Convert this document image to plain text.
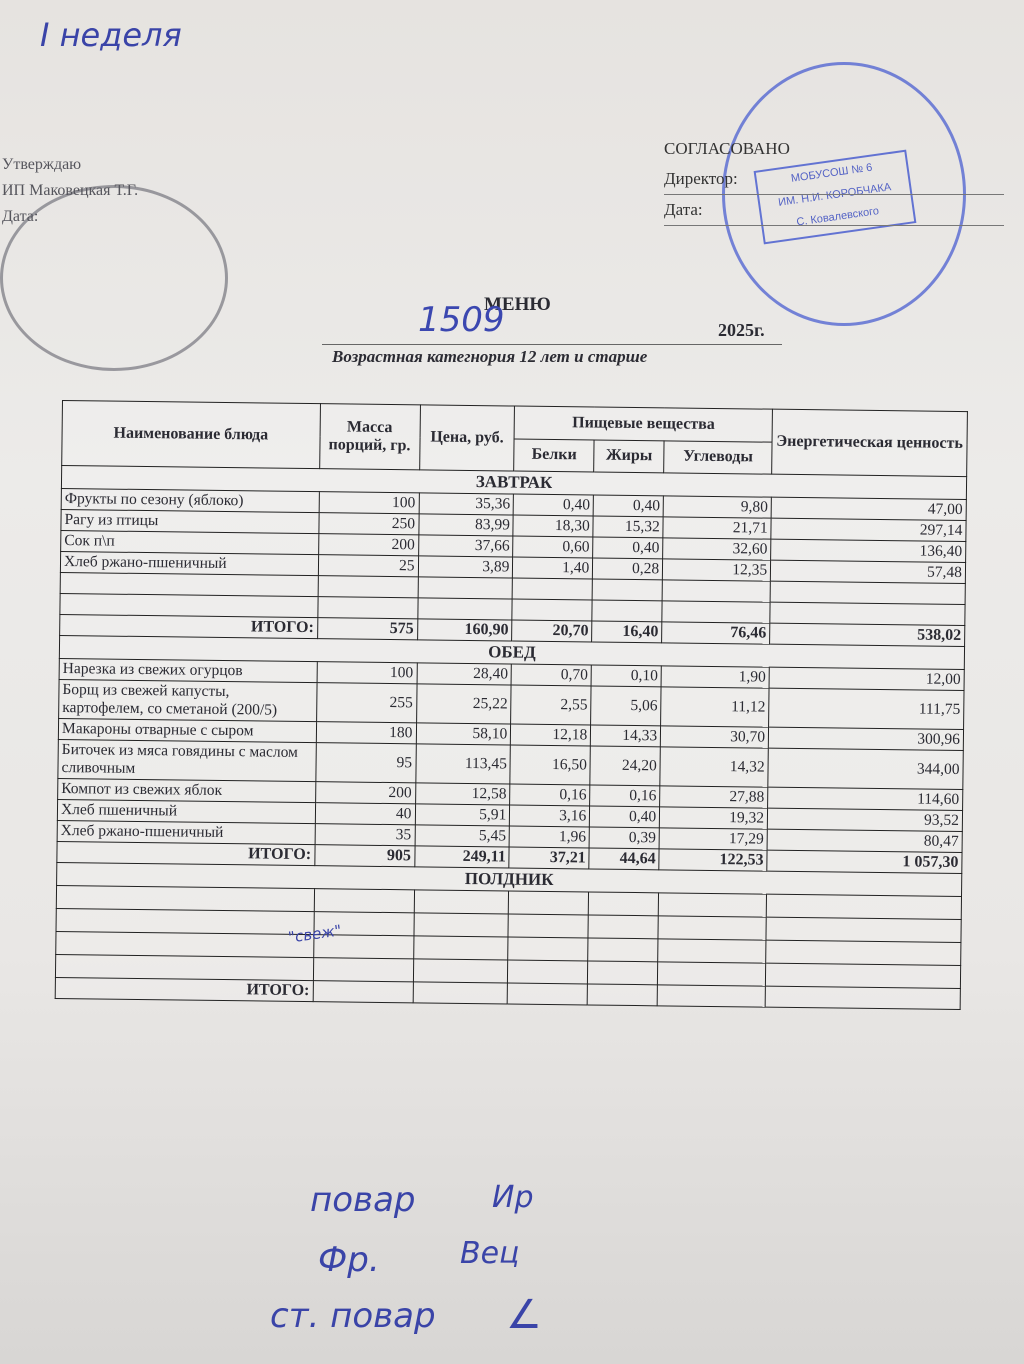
I неделя
Утверждаю
ИП Маковецкая Т.Г.
Дата:
МОБУСОШ № 6
ИМ. Н.И. КОРОБЧАКА
С. Ковалевского
СОГЛАСОВАНО
Директор:
Дата:
МЕНЮ
1509	2025г.
Возрастная категнория 12 лет и старше
Наименование блюда	Масса порций, гр.	Цена, руб.	Пищевые вещества			Энергетическая ценность
			Белки	Жиры	Углеводы	
ЗАВТРАК						
Фрукты по сезону (яблоко)	100	35,36	0,40	0,40	9,80	47,00
Рагу из птицы	250	83,99	18,30	15,32	21,71	297,14
Сок п\п	200	37,66	0,60	0,40	32,60	136,40
Хлеб ржано-пшеничный	25	3,89	1,40	0,28	12,35	57,48

ИТОГО:	575	160,90	20,70	16,40	76,46	538,02
ОБЕД						
Нарезка из свежих огурцов	100	28,40	0,70	0,10	1,90	12,00
Борщ из свежей капусты, картофелем, со сметаной (200/5)	255	25,22	2,55	5,06	11,12	111,75
Макароны отварные с сыром	180	58,10	12,18	14,33	30,70	300,96
Биточек из мяса говядины с маслом сливочным	95	113,45	16,50	24,20	14,32	344,00
Компот из свежих яблок	200	12,58	0,16	0,16	27,88	114,60
Хлеб пшеничный	40	5,91	3,16	0,40	19,32	93,52
Хлеб ржано-пшеничный	35	5,45	1,96	0,39	17,29	80,47
ИТОГО:	905	249,11	37,21	44,64	122,53	1 057,30
ПОЛДНИК						

ИТОГО:						
"свеж"
повар	Ир
Фр.	Вец
ст. повар ∠
